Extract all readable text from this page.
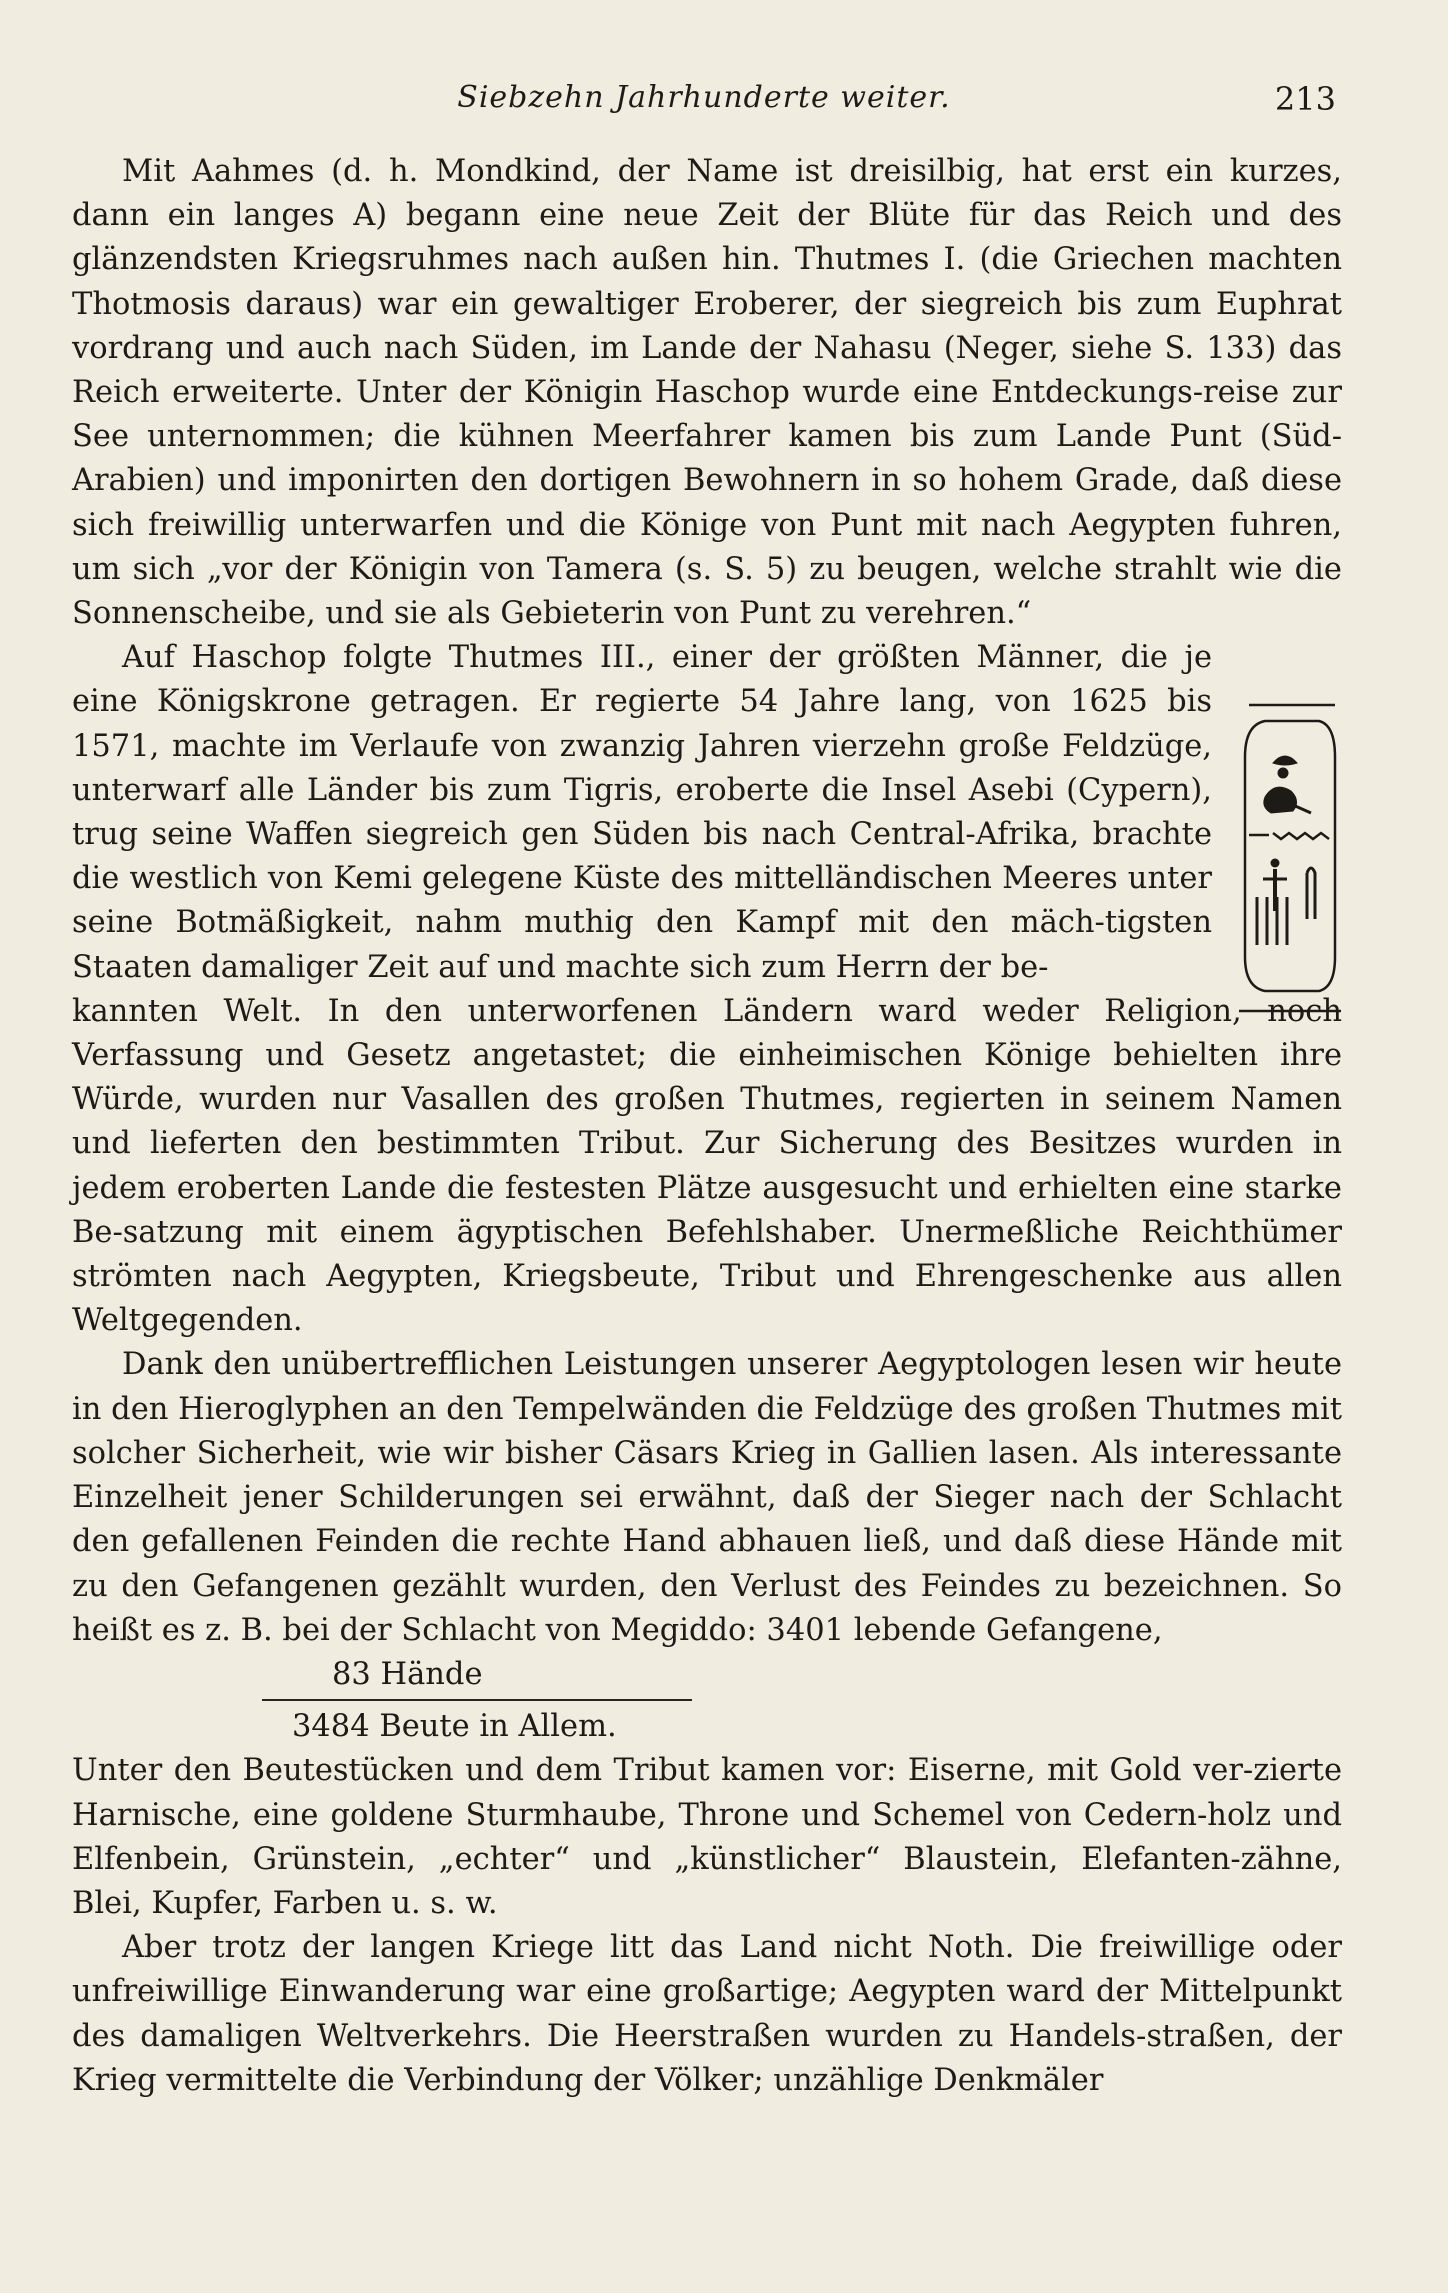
Siebzehn Jahrhunderte weiter.	213

Mit Aahmes (d. h. Mondkind, der Name ist dreisilbig, hat erst ein kurzes, dann ein langes A) begann eine neue Zeit der Blüte für das Reich und des glänzendsten Kriegsruhmes nach außen hin. Thutmes I. (die Griechen machten Thotmosis daraus) war ein gewaltiger Eroberer, der siegreich bis zum Euphrat vordrang und auch nach Süden, im Lande der Nahasu (Neger, siehe S. 133) das Reich erweiterte. Unter der Königin Haschop wurde eine Entdeckungs-reise zur See unternommen; die kühnen Meerfahrer kamen bis zum Lande Punt (Süd-Arabien) und imponirten den dortigen Bewohnern in so hohem Grade, daß diese sich freiwillig unterwarfen und die Könige von Punt mit nach Aegypten fuhren, um sich „vor der Königin von Tamera (s. S. 5) zu beugen, welche strahlt wie die Sonnenscheibe, und sie als Gebieterin von Punt zu verehren.“

Auf Haschop folgte Thutmes III., einer der größten Männer, die je eine Königskrone getragen. Er regierte 54 Jahre lang, von 1625 bis 1571, machte im Verlaufe von zwanzig Jahren vierzehn große Feldzüge, unterwarf alle Länder bis zum Tigris, eroberte die Insel Asebi (Cypern), trug seine Waffen siegreich gen Süden bis nach Central-Afrika, brachte die westlich von Kemi gelegene Küste des mittelländischen Meeres unter seine Botmäßigkeit, nahm muthig den Kampf mit den mäch-tigsten Staaten damaliger Zeit auf und machte sich zum Herrn der be-

kannten Welt. In den unterworfenen Ländern ward weder Religion, noch Verfassung und Gesetz angetastet; die einheimischen Könige behielten ihre Würde, wurden nur Vasallen des großen Thutmes, regierten in seinem Namen und lieferten den bestimmten Tribut. Zur Sicherung des Besitzes wurden in jedem eroberten Lande die festesten Plätze ausgesucht und erhielten eine starke Be-satzung mit einem ägyptischen Befehlshaber. Unermeßliche Reichthümer strömten nach Aegypten, Kriegsbeute, Tribut und Ehrengeschenke aus allen Weltgegenden.

Dank den unübertrefflichen Leistungen unserer Aegyptologen lesen wir heute in den Hieroglyphen an den Tempelwänden die Feldzüge des großen Thutmes mit solcher Sicherheit, wie wir bisher Cäsars Krieg in Gallien lasen. Als interessante Einzelheit jener Schilderungen sei erwähnt, daß der Sieger nach der Schlacht den gefallenen Feinden die rechte Hand abhauen ließ, und daß diese Hände mit zu den Gefangenen gezählt wurden, den Verlust des Feindes zu bezeichnen. So heißt es z. B. bei der Schlacht von Megiddo: 3401 lebende Gefangene,

83 Hände
3484 Beute in Allem.

Unter den Beutestücken und dem Tribut kamen vor: Eiserne, mit Gold ver-zierte Harnische, eine goldene Sturmhaube, Throne und Schemel von Cedern-holz und Elfenbein, Grünstein, „echter“ und „künstlicher“ Blaustein, Elefanten-zähne, Blei, Kupfer, Farben u. s. w.

Aber trotz der langen Kriege litt das Land nicht Noth. Die freiwillige oder unfreiwillige Einwanderung war eine großartige; Aegypten ward der Mittelpunkt des damaligen Weltverkehrs. Die Heerstraßen wurden zu Handels-straßen, der Krieg vermittelte die Verbindung der Völker; unzählige Denkmäler
